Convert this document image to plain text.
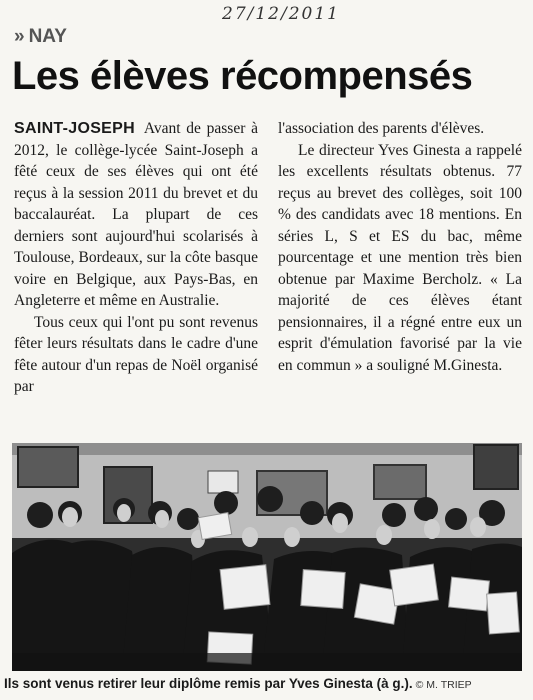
27/12/2011
» NAY
Les élèves récompensés

SAINT-JOSEPH Avant de passer à 2012, le collège-lycée Saint-Joseph a fêté ceux de ses élèves qui ont été reçus à la session 2011 du brevet et du baccalauréat. La plupart de ces derniers sont aujourd'hui scolarisés à Toulouse, Bordeaux, sur la côte basque voire en Belgique, aux Pays-Bas, en Angleterre et même en Australie.

Tous ceux qui l'ont pu sont revenus fêter leurs résultats dans le cadre d'une fête autour d'un repas de Noël organisé par

l'association des parents d'élèves.

Le directeur Yves Ginesta a rappelé les excellents résultats obtenus. 77 reçus au brevet des collèges, soit 100 % des candidats avec 18 mentions. En séries L, S et ES du bac, même pourcentage et une mention très bien obtenue par Maxime Bercholz. « La majorité de ces élèves étant pensionnaires, il a régné entre eux un esprit d'émulation favorisé par la vie en commun » a souligné M.Ginesta.

Ils sont venus retirer leur diplôme remis par Yves Ginesta (à g.). © M. TRIEP
